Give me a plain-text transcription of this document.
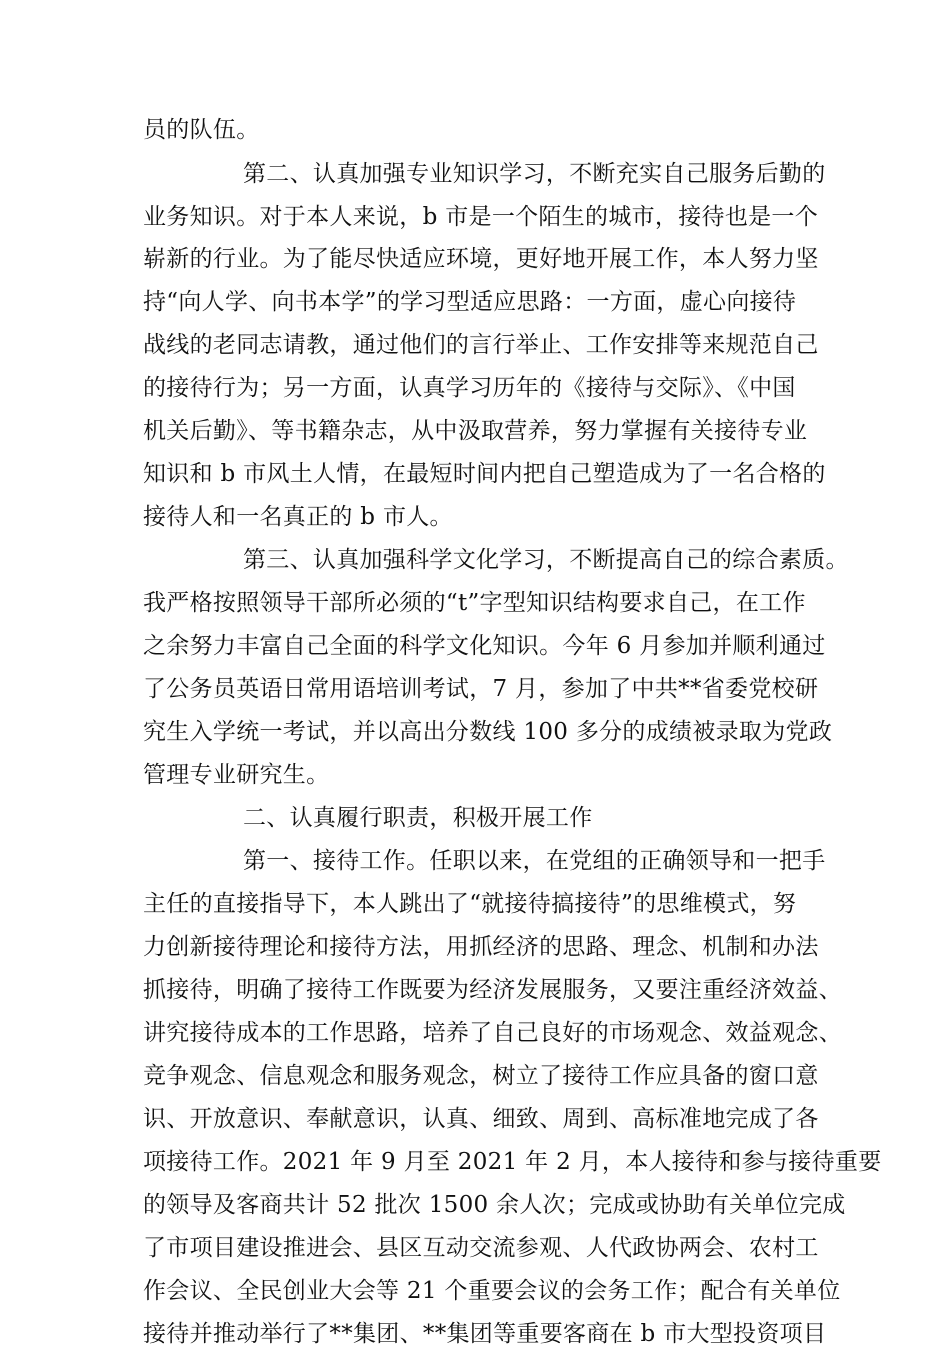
员的队伍。
第二、认真加强专业知识学习，不断充实自己服务后勤的
业务知识。对于本人来说，b 市是一个陌生的城市，接待也是一个
崭新的行业。为了能尽快适应环境，更好地开展工作，本人努力坚
持“向人学、向书本学”的学习型适应思路：一方面，虚心向接待
战线的老同志请教，通过他们的言行举止、工作安排等来规范自己
的接待行为；另一方面，认真学习历年的《接待与交际》、《中国
机关后勤》、等书籍杂志，从中汲取营养，努力掌握有关接待专业
知识和 b 市风土人情，在最短时间内把自己塑造成为了一名合格的
接待人和一名真正的 b 市人。
第三、认真加强科学文化学习，不断提高自己的综合素质。
我严格按照领导干部所必须的“t”字型知识结构要求自己，在工作
之余努力丰富自己全面的科学文化知识。今年 6 月参加并顺利通过
了公务员英语日常用语培训考试，7 月，参加了中共**省委党校研
究生入学统一考试，并以高出分数线 100 多分的成绩被录取为党政
管理专业研究生。
二、认真履行职责，积极开展工作
第一、接待工作。任职以来，在党组的正确领导和一把手
主任的直接指导下，本人跳出了“就接待搞接待”的思维模式，努
力创新接待理论和接待方法，用抓经济的思路、理念、机制和办法
抓接待，明确了接待工作既要为经济发展服务，又要注重经济效益、
讲究接待成本的工作思路，培养了自己良好的市场观念、效益观念、
竞争观念、信息观念和服务观念，树立了接待工作应具备的窗口意
识、开放意识、奉献意识，认真、细致、周到、高标准地完成了各
项接待工作。2021 年 9 月至 2021 年 2 月，本人接待和参与接待重要
的领导及客商共计 52 批次 1500 余人次；完成或协助有关单位完成
了市项目建设推进会、县区互动交流参观、人代政协两会、农村工
作会议、全民创业大会等 21 个重要会议的会务工作；配合有关单位
接待并推动举行了**集团、**集团等重要客商在 b 市大型投资项目
